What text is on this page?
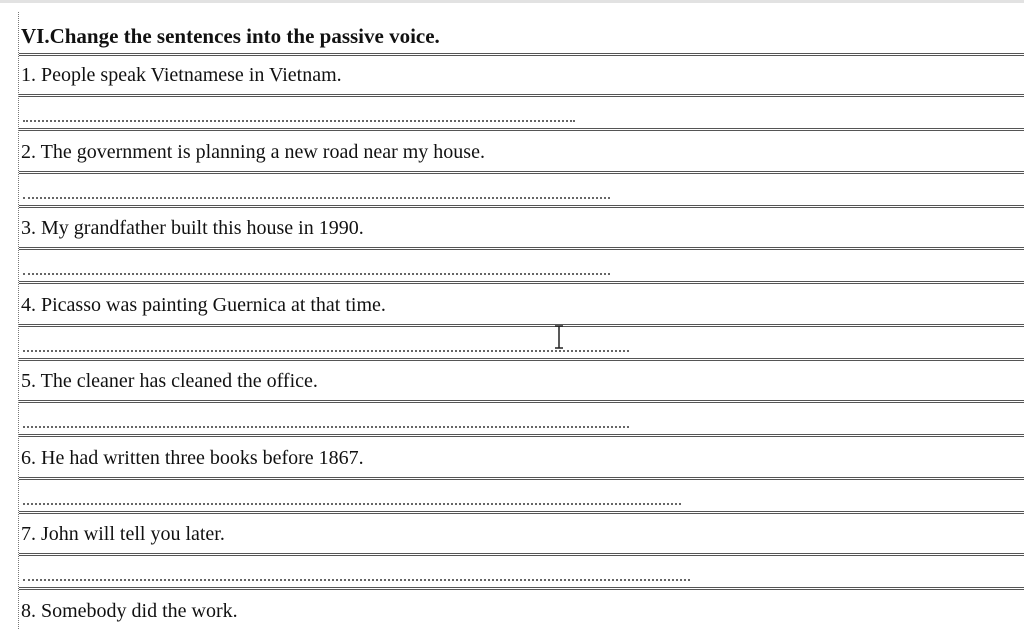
VI.Change the sentences into the passive voice.
1. People speak Vietnamese in Vietnam.
2. The government is planning a new road near my house.
3. My grandfather built this house in 1990.
4. Picasso was painting Guernica at that time.
5. The cleaner has cleaned the office.
6. He had written three books before 1867.
7. John will tell you later.
8. Somebody did the work.
